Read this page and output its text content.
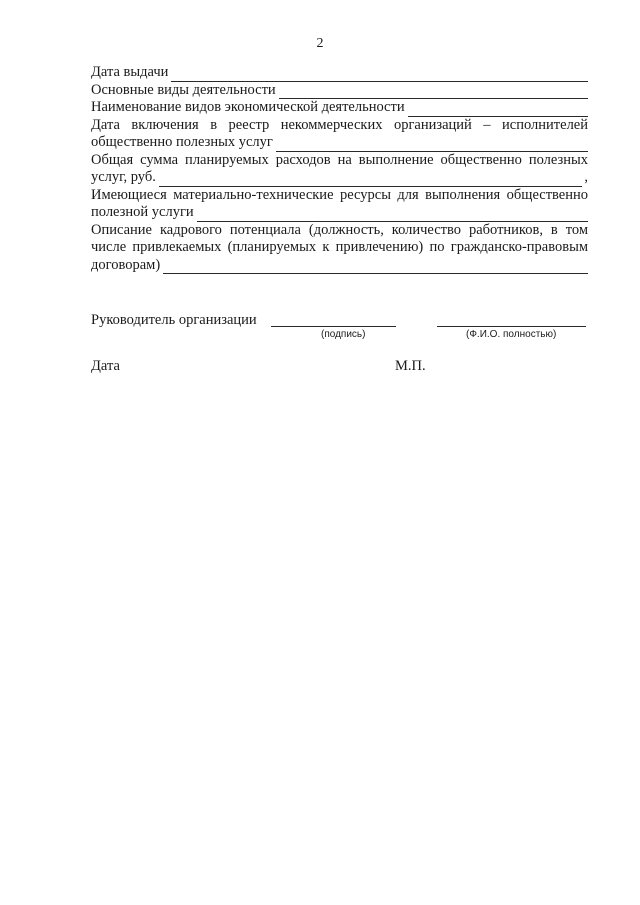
2
Дата выдачи
Основные виды деятельности
Наименование видов экономической деятельности
Дата включения в реестр некоммерческих организаций – исполнителей
общественно полезных услуг
Общая сумма планируемых расходов на выполнение общественно полезных
услуг, руб.	,
Имеющиеся материально-технические ресурсы для выполнения общественно
полезной услуги
Описание кадрового потенциала (должность, количество работников, в том
числе привлекаемых (планируемых к привлечению) по гражданско-правовым
договорам)
Руководитель организации
(подпись)	(Ф.И.О. полностью)
Дата	М.П.
